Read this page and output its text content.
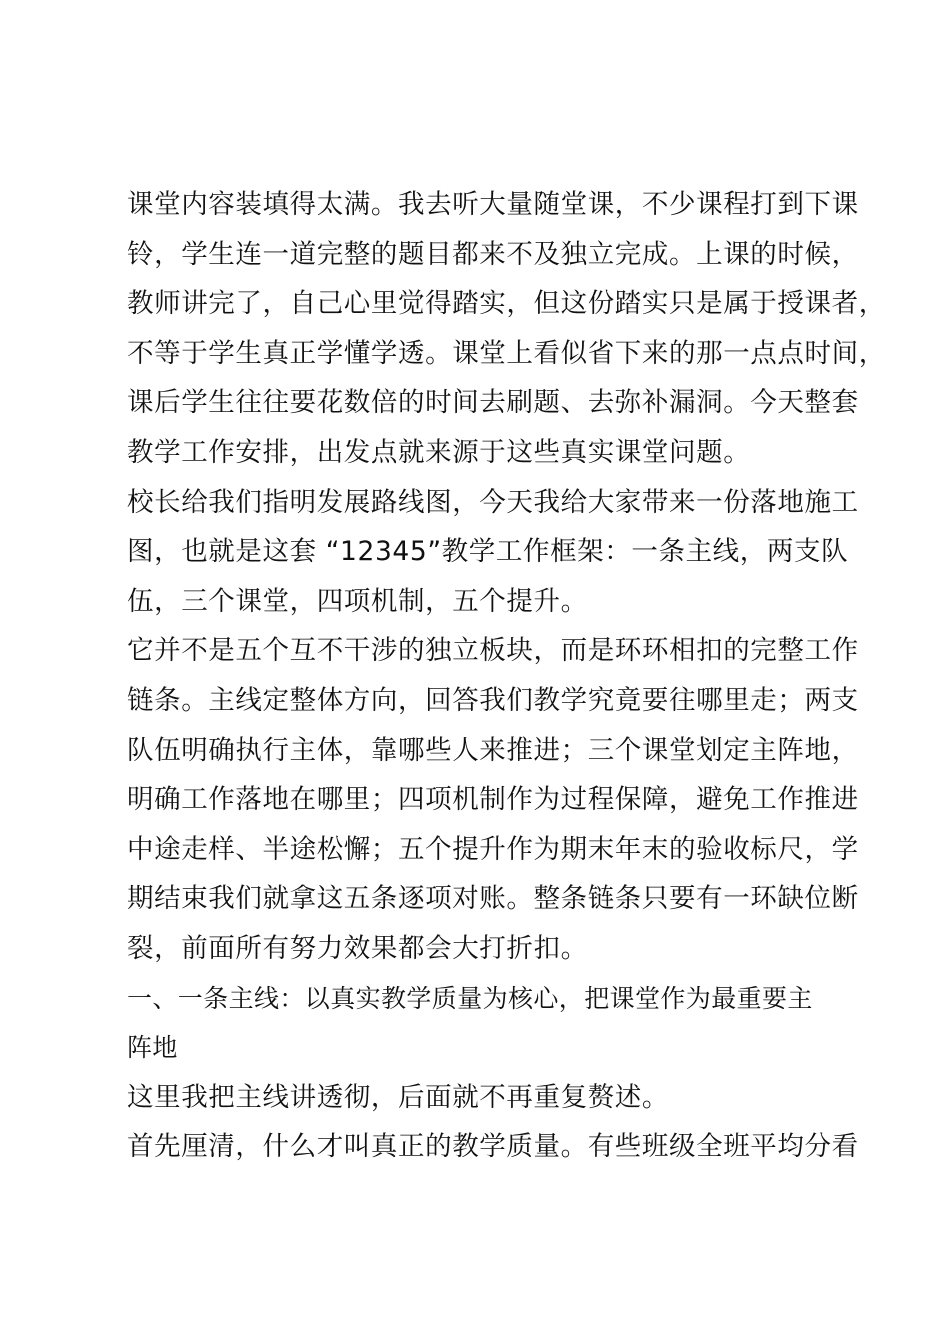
课堂内容装填得太满。我去听大量随堂课，不少课程打到下课
铃，学生连一道完整的题目都来不及独立完成。上课的时候，
教师讲完了，自己心里觉得踏实，但这份踏实只是属于授课者，
不等于学生真正学懂学透。课堂上看似省下来的那一点点时间，
课后学生往往要花数倍的时间去刷题、去弥补漏洞。今天整套
教学工作安排，出发点就来源于这些真实课堂问题。
校长给我们指明发展路线图，今天我给大家带来一份落地施工
图，也就是这套 “12345”教学工作框架：一条主线，两支队
伍，三个课堂，四项机制，五个提升。
它并不是五个互不干涉的独立板块，而是环环相扣的完整工作
链条。主线定整体方向，回答我们教学究竟要往哪里走；两支
队伍明确执行主体，靠哪些人来推进；三个课堂划定主阵地，
明确工作落地在哪里；四项机制作为过程保障，避免工作推进
中途走样、半途松懈；五个提升作为期末年末的验收标尺，学
期结束我们就拿这五条逐项对账。整条链条只要有一环缺位断
裂，前面所有努力效果都会大打折扣。
一、一条主线：以真实教学质量为核心，把课堂作为最重要主
阵地
这里我把主线讲透彻，后面就不再重复赘述。
首先厘清，什么才叫真正的教学质量。有些班级全班平均分看
